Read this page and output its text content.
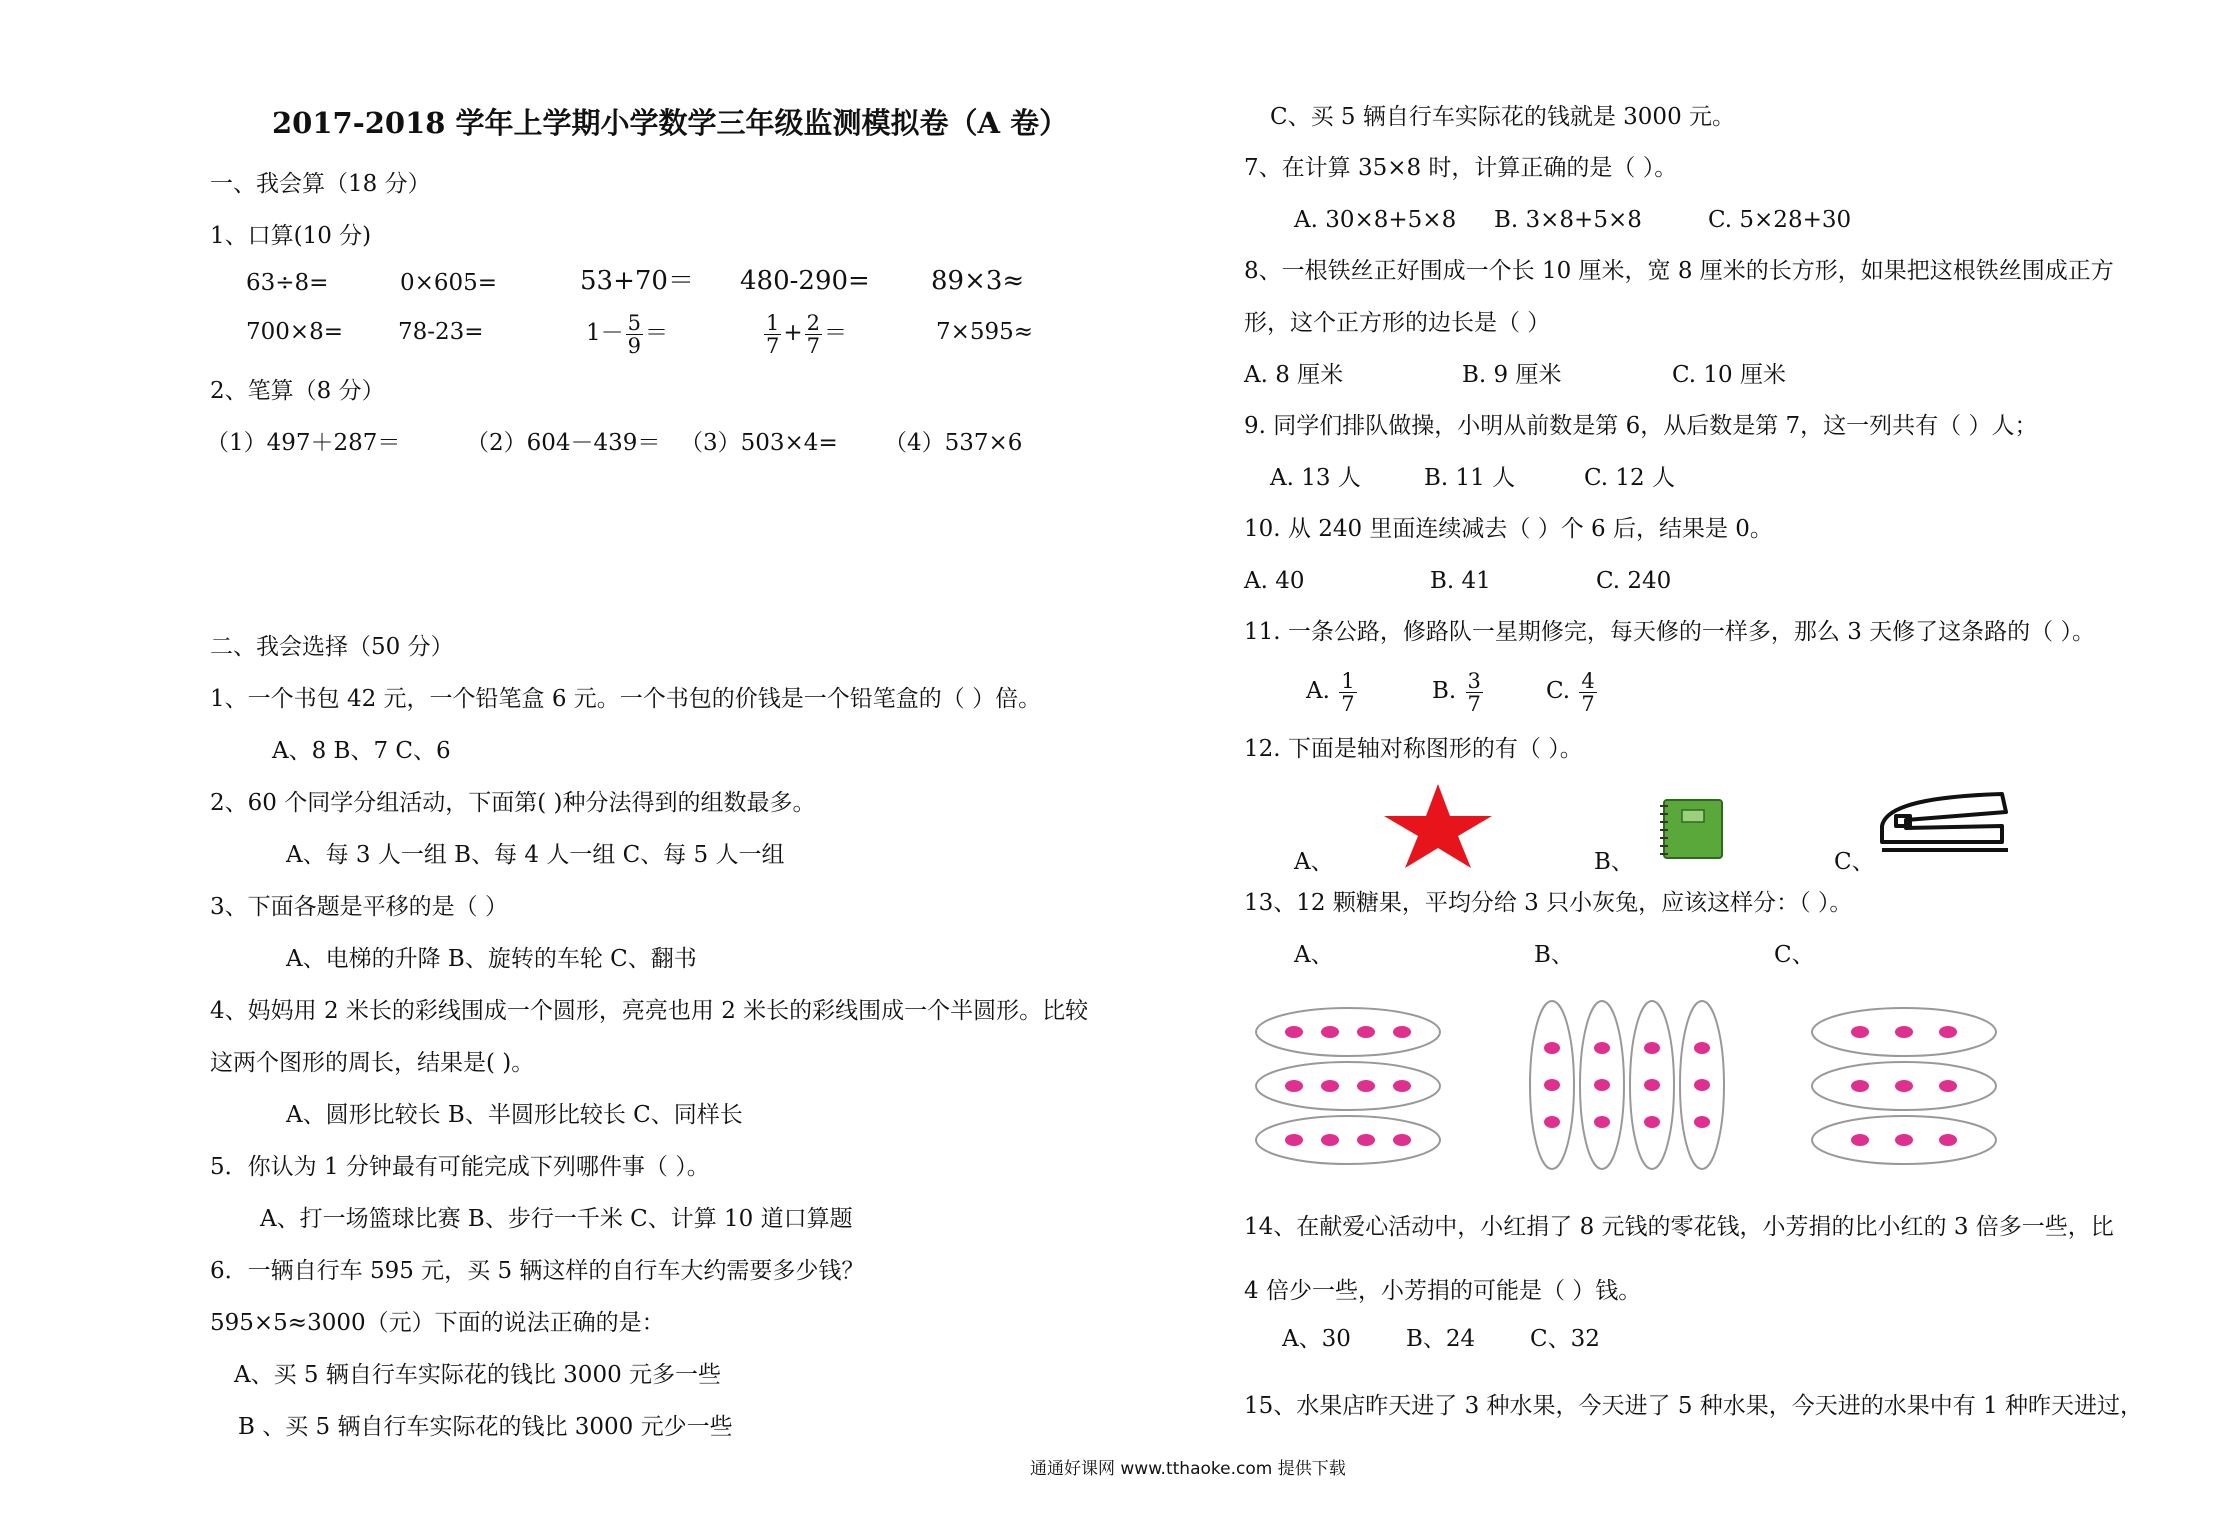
2017-2018 学年上学期小学数学三年级监测模拟卷（A 卷）
一、我会算（18 分）
1、口算(10 分)
63÷8=	0×605=	53+70＝ 480-290= 89×3≈
700×8= 78-23=	$1- \frac{5}{9}$ ＝	$\frac{1}{7} + \frac{2}{7}$ ＝	7×595≈
2、笔算（8 分）
（1）497＋287＝	（2）604－439＝ （3）503×4= （4）537×6
二、我会选择（50 分）
1、一个书包 42 元，一个铅笔盒 6 元。一个书包的价钱是一个铅笔盒的（ ）倍。
A、8 B、7 C、6
2、60 个同学分组活动，下面第( )种分法得到的组数最多。
A、每 3 人一组 B、每 4 人一组 C、每 5 人一组
3、下面各题是平移的是（ ）
A、电梯的升降 B、旋转的车轮 C、翻书
4、妈妈用 2 米长的彩线围成一个圆形，亮亮也用 2 米长的彩线围成一个半圆形。比较
这两个图形的周长，结果是( )。
A、圆形比较长 B、半圆形比较长 C、同样长
5．你认为 1 分钟最有可能完成下列哪件事（ ）。
A、打一场篮球比赛 B、步行一千米 C、计算 10 道口算题
6．一辆自行车 595 元，买 5 辆这样的自行车大约需要多少钱？
595×5≈3000（元）下面的说法正确的是：
A、买 5 辆自行车实际花的钱比 3000 元多一些
B 、买 5 辆自行车实际花的钱比 3000 元少一些
C、买 5 辆自行车实际花的钱就是 3000 元。
7、在计算 35×8 时，计算正确的是（ ）。
A. 30×8+5×8 B. 3×8+5×8	C. 5×28+30
8、一根铁丝正好围成一个长 10 厘米，宽 8 厘米的长方形，如果把这根铁丝围成正方
形，这个正方形的边长是（ ）
A. 8 厘米	B. 9 厘米	C. 10 厘米
9. 同学们排队做操，小明从前数是第 6，从后数是第 7，这一列共有（ ）人；
A. 13 人	B. 11 人	C. 12 人
10. 从 240 里面连续减去（ ）个 6 后，结果是 0。
A. 40	B. 41	C. 240
11. 一条公路，修路队一星期修完，每天修的一样多，那么 3 天修了这条路的（ ）。
A. $\frac{1}{7}$	B. $\frac{3}{7}$	C. $\frac{4}{7}$
12. 下面是轴对称图形的有（ ）。
A、	B、	C、
13、12 颗糖果，平均分给 3 只小灰兔，应该这样分：（ ）。
A、	B、	C、
14、在献爱心活动中，小红捐了 8 元钱的零花钱，小芳捐的比小红的 3 倍多一些，比
4 倍少一些，小芳捐的可能是（ ）钱。
A、30 B、24 C、32
15、水果店昨天进了 3 种水果，今天进了 5 种水果，今天进的水果中有 1 种昨天进过，
通通好课网 www.tthaoke.com 提供下载
